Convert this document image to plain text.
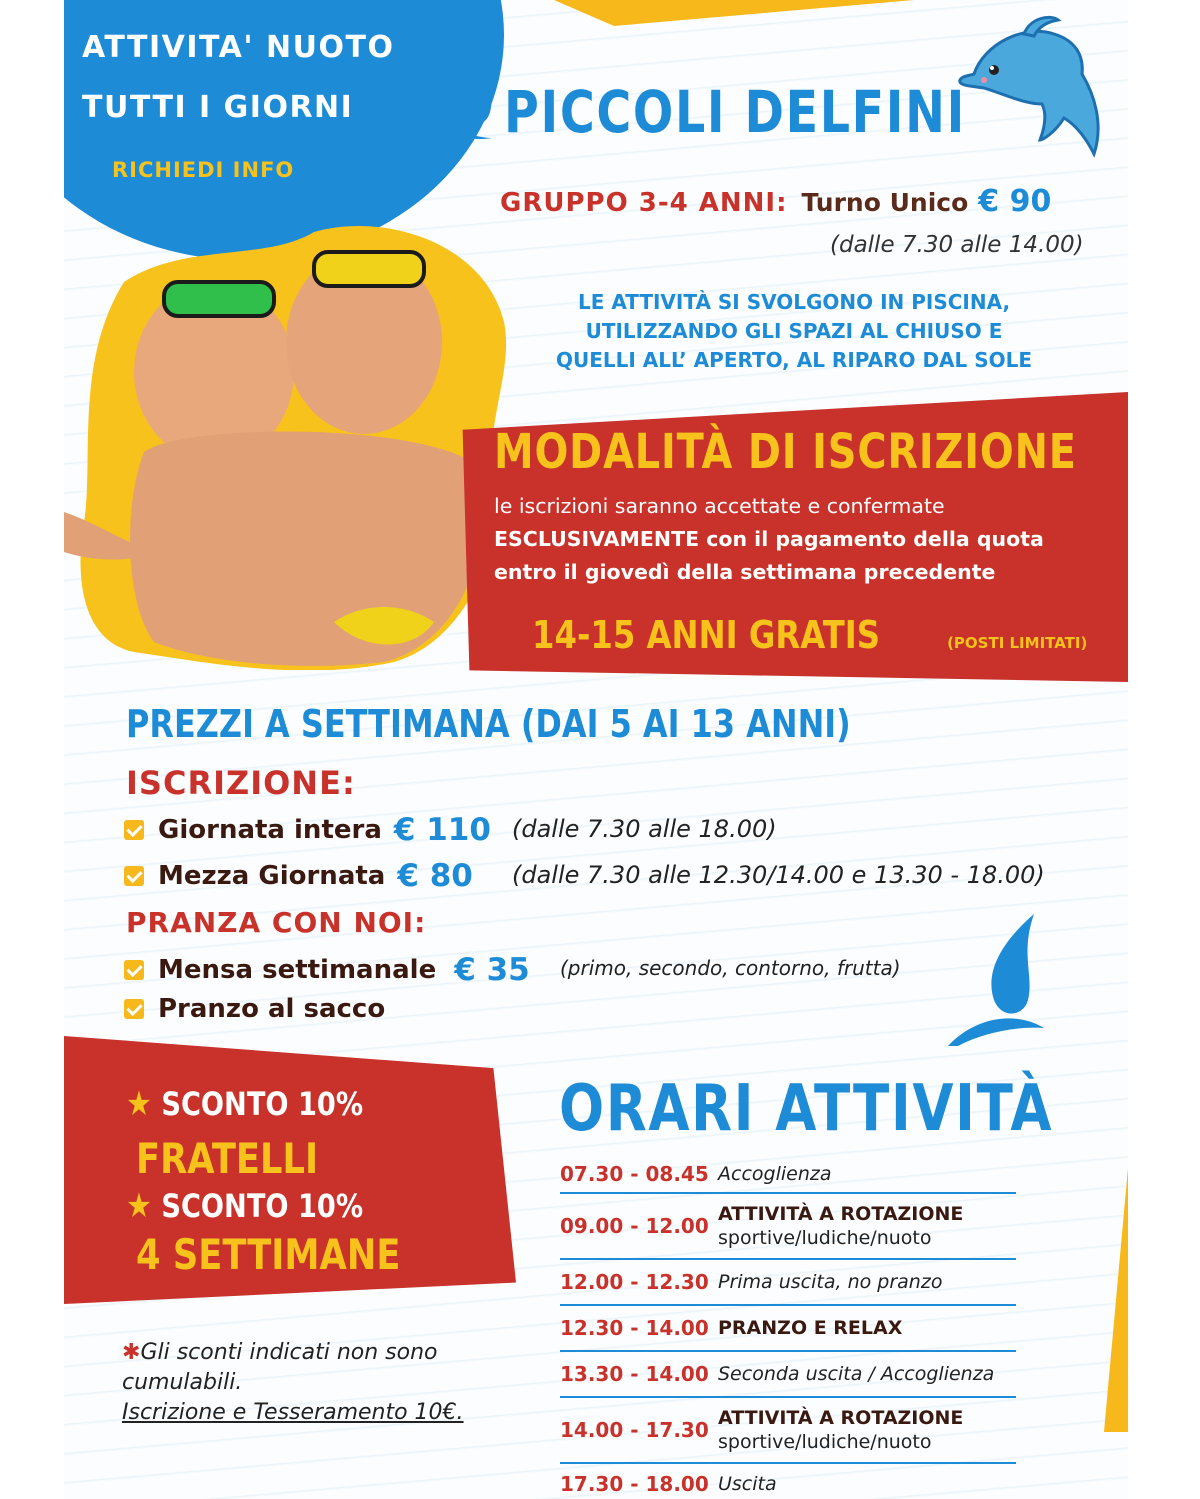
ATTIVITA' NUOTO
TUTTI I GIORNI
RICHIEDI INFO
PICCOLI DELFINI
GRUPPO 3-4 ANNI: Turno Unico € 90
(dalle 7.30 alle 14.00)
LE ATTIVITÀ SI SVOLGONO IN PISCINA,
UTILIZZANDO GLI SPAZI AL CHIUSO E
QUELLI ALL’ APERTO, AL RIPARO DAL SOLE
MODALITÀ DI ISCRIZIONE
le iscrizioni saranno accettate e confermate
ESCLUSIVAMENTE con il pagamento della quota
entro il giovedì della settimana precedente
14-15 ANNI GRATIS	(POSTI LIMITATI)
PREZZI A SETTIMANA (DAI 5 AI 13 ANNI)
ISCRIZIONE:
Giornata intera € 110 (dalle 7.30 alle 18.00)
Mezza Giornata € 80 (dalle 7.30 alle 12.30/14.00 e 13.30 - 18.00)
PRANZA CON NOI:
Mensa settimanale € 35 (primo, secondo, contorno, frutta)
Pranzo al sacco
★ SCONTO 10%
FRATELLI
★ SCONTO 10%
4 SETTIMANE
✱Gli sconti indicati non sono cumulabili.
Iscrizione e Tesseramento 10€.
ORARI ATTIVITÀ
07.30 - 08.45 Accoglienza
09.00 - 12.00 ATTIVITÀ A ROTAZIONE
sportive/ludiche/nuoto
12.00 - 12.30 Prima uscita, no pranzo
12.30 - 14.00 PRANZO E RELAX
13.30 - 14.00 Seconda uscita / Accoglienza
14.00 - 17.30 ATTIVITÀ A ROTAZIONE
sportive/ludiche/nuoto
17.30 - 18.00 Uscita
